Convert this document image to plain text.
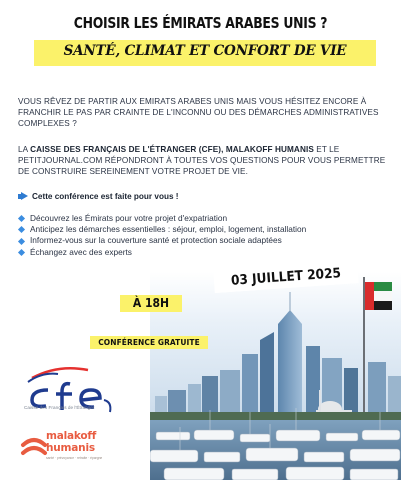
CHOISIR LES ÉMIRATS ARABES UNIS ?
SANTÉ, CLIMAT ET CONFORT DE VIE

VOUS RÊVEZ DE PARTIR AUX EMIRATS ARABES UNIS MAIS VOUS HÉSITEZ ENCORE À FRANCHIR LE PAS PAR CRAINTE DE L'INCONNU OU DES DÉMARCHES ADMINISTRATIVES COMPLEXES ?

LA CAISSE DES FRANÇAIS DE L'ÉTRANGER (CFE), MALAKOFF HUMANIS ET LE PETITJOURNAL.COM RÉPONDRONT À TOUTES VOS QUESTIONS POUR VOUS PERMETTRE DE CONSTRUIRE SEREINEMENT VOTRE PROJET DE VIE.

Cette conférence est faite pour vous !
Découvrez les Émirats pour votre projet d'expatriation
Anticipez les démarches essentielles : séjour, emploi, logement, installation
Informez-vous sur la couverture santé et protection sociale adaptées
Échangez avec des experts
03 JUILLET 2025
À 18H
CONFÉRENCE GRATUITE
Caisse des Français de l'Étranger
malakoff
humanis
santé · prévoyance · retraite · épargne
